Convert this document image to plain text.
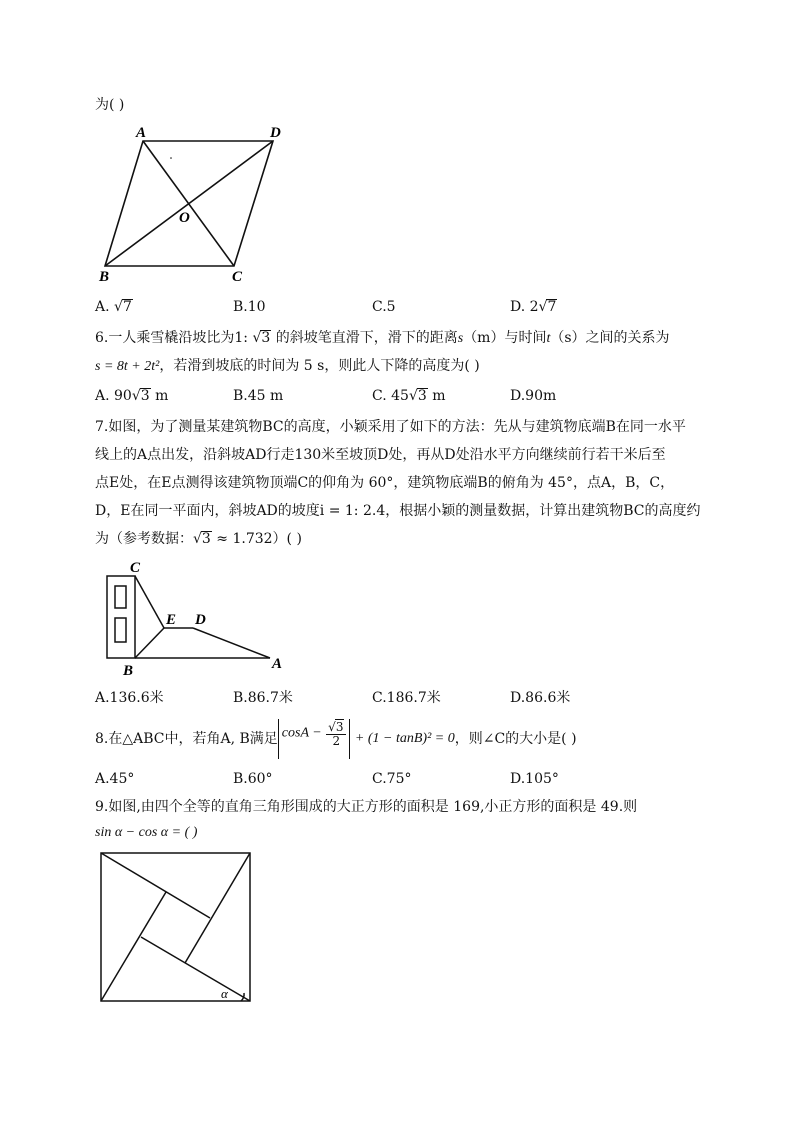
为( )
A	D
O
B	C
A. √7	B.10	C.5	D. 2√7
6.一人乘雪橇沿坡比为1: √3 的斜坡笔直滑下，滑下的距离s（m）与时间t（s）之间的关系为
s = 8t + 2t²，若滑到坡底的时间为 5 s，则此人下降的高度为( )
A. 90√3 m	B.45 m	C. 45√3 m	D.90m
7.如图，为了测量某建筑物BC的高度，小颖采用了如下的方法：先从与建筑物底端B在同一水平
线上的A点出发，沿斜坡AD行走130米至坡顶D处，再从D处沿水平方向继续前行若干米后至
点E处，在E点测得该建筑物顶端C的仰角为 60°，建筑物底端B的俯角为 45°，点A，B，C，
D，E在同一平面内，斜坡AD的坡度i = 1: 2.4，根据小颖的测量数据，计算出建筑物BC的高度约
为（参考数据：√3 ≈ 1.732）( )
C
E D
B	A
A.136.6米	B.86.7米	C.186.7米	D.86.6米
8.在△ABC中，若角A, B满足 $\cos A - \frac{√3}{2} + (1 - \tan B)^2 = 0$，则∠C的大小是( )
A.45°	B.60°	C.75°	D.105°
9.如图,由四个全等的直角三角形围成的大正方形的面积是 169,小正方形的面积是 49.则
sin α − cos α = ( )
α
